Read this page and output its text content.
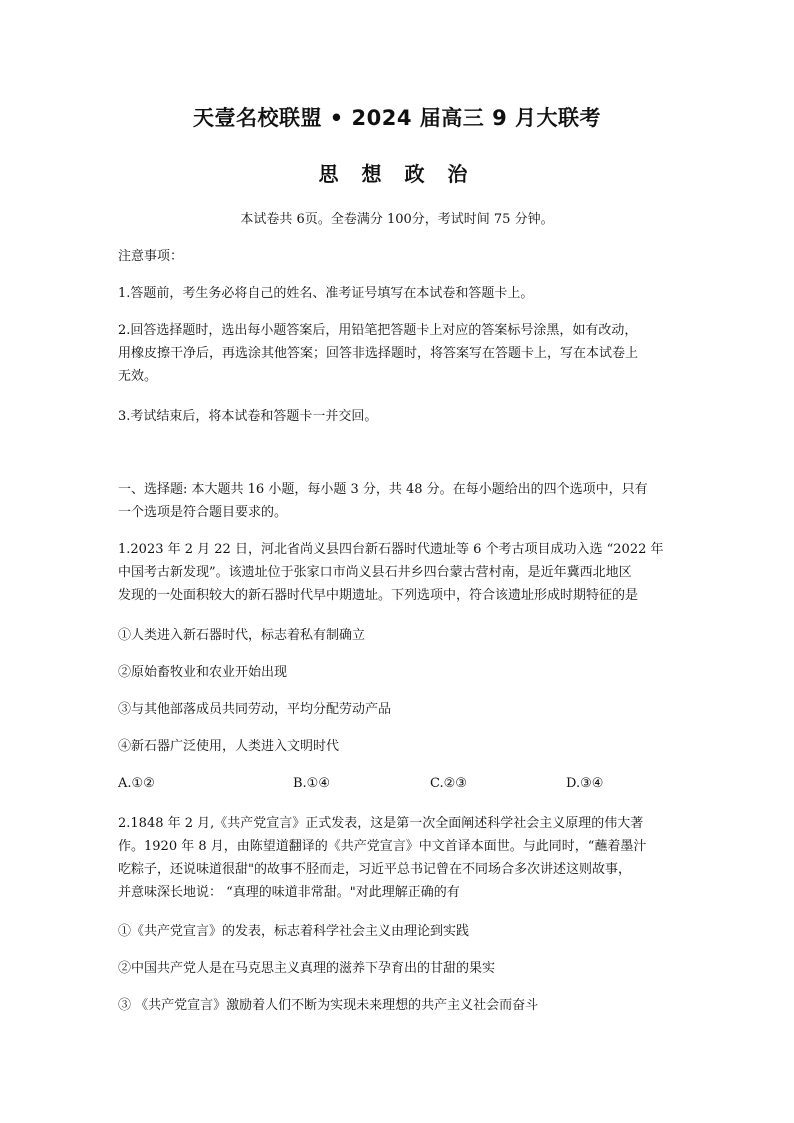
天壹名校联盟 • 2024 届高三 9 月大联考
思 想 政 治
本试卷共 6页。全卷满分 100分，考试时间 75 分钟。
注意事项：
1.答题前，考生务必将自己的姓名、准考证号填写在本试卷和答题卡上。
2.回答选择题时，选出每小题答案后，用铅笔把答题卡上对应的答案标号涂黑，如有改动，
用橡皮擦干净后，再选涂其他答案；回答非选择题时，将答案写在答题卡上，写在本试卷上
无效。
3.考试结束后，将本试卷和答题卡一并交回。
一、选择题: 本大题共 16 小题，每小题 3 分，共 48 分。在每小题给出的四个选项中，只有
一个选项是符合题目要求的。
1.2023 年 2 月 22 日，河北省尚义县四台新石器时代遗址等 6 个考古项目成功入选 “2022 年
中国考古新发现”。该遗址位于张家口市尚义县石井乡四台蒙古营村南，是近年冀西北地区
发现的一处面积较大的新石器时代早中期遗址。下列选项中，符合该遗址形成时期特征的是
①人类进入新石器时代，标志着私有制确立
②原始畜牧业和农业开始出现
③与其他部落成员共同劳动，平均分配劳动产品
④新石器广泛使用，人类进入文明时代
A.①②	B.①④	C.②③	D.③④
2.1848 年 2 月,《共产党宣言》正式发表，这是第一次全面阐述科学社会主义原理的伟大著
作。1920 年 8 月，由陈望道翻译的《共产党宣言》中文首译本面世。与此同时，“蘸着墨汁
吃粽子，还说味道很甜"的故事不胫而走，习近平总书记曾在不同场合多次讲述这则故事，
并意味深长地说： “真理的味道非常甜。"对此理解正确的有
①《共产党宣言》的发表，标志着科学社会主义由理论到实践
②中国共产党人是在马克思主义真理的滋养下孕育出的甘甜的果实
③ 《共产党宣言》激励着人们不断为实现未来理想的共产主义社会而奋斗
